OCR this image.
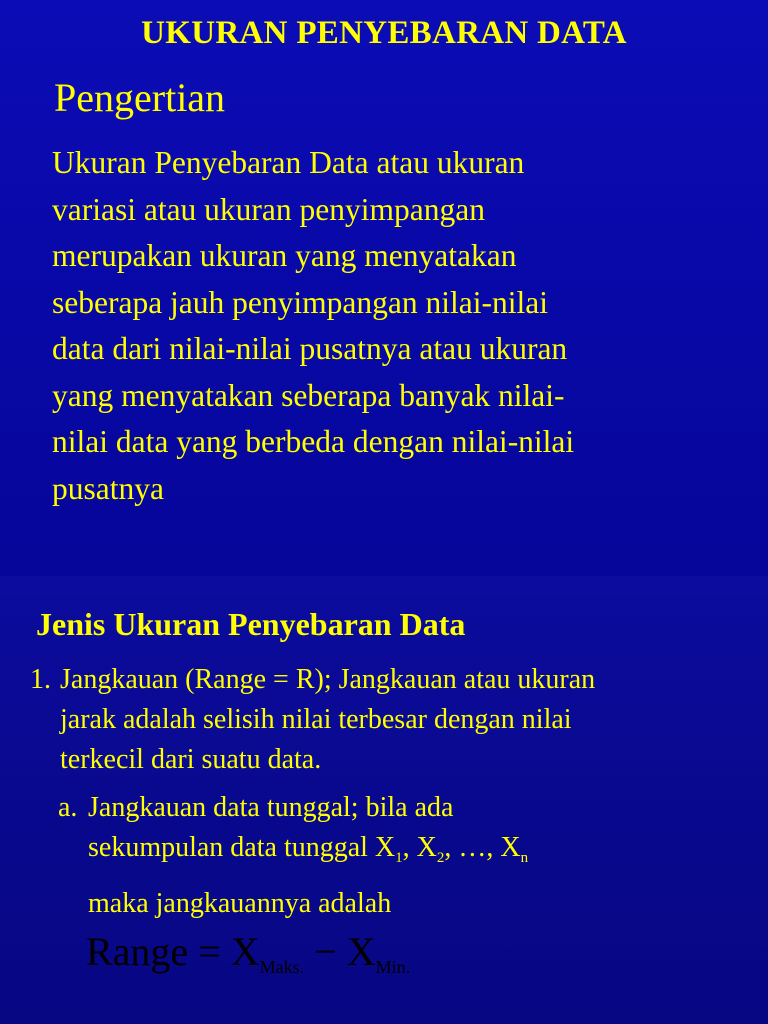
UKURAN PENYEBARAN DATA
Pengertian
Ukuran Penyebaran Data atau ukuran
variasi atau ukuran penyimpangan
merupakan ukuran yang menyatakan
seberapa jauh penyimpangan nilai-nilai
data dari nilai-nilai pusatnya atau ukuran
yang menyatakan seberapa banyak nilai-
nilai data yang berbeda dengan nilai-nilai
pusatnya
Jenis Ukuran Penyebaran Data
1. Jangkauan (Range = R); Jangkauan atau ukuran
jarak adalah selisih nilai terbesar dengan nilai
terkecil dari suatu data.
a. Jangkauan data tunggal; bila ada
sekumpulan data tunggal $X_1$, $X_2$, …, $X_n$
maka jangkauannya adalah
Range = $X_{Maks.} - X_{Min.}$
